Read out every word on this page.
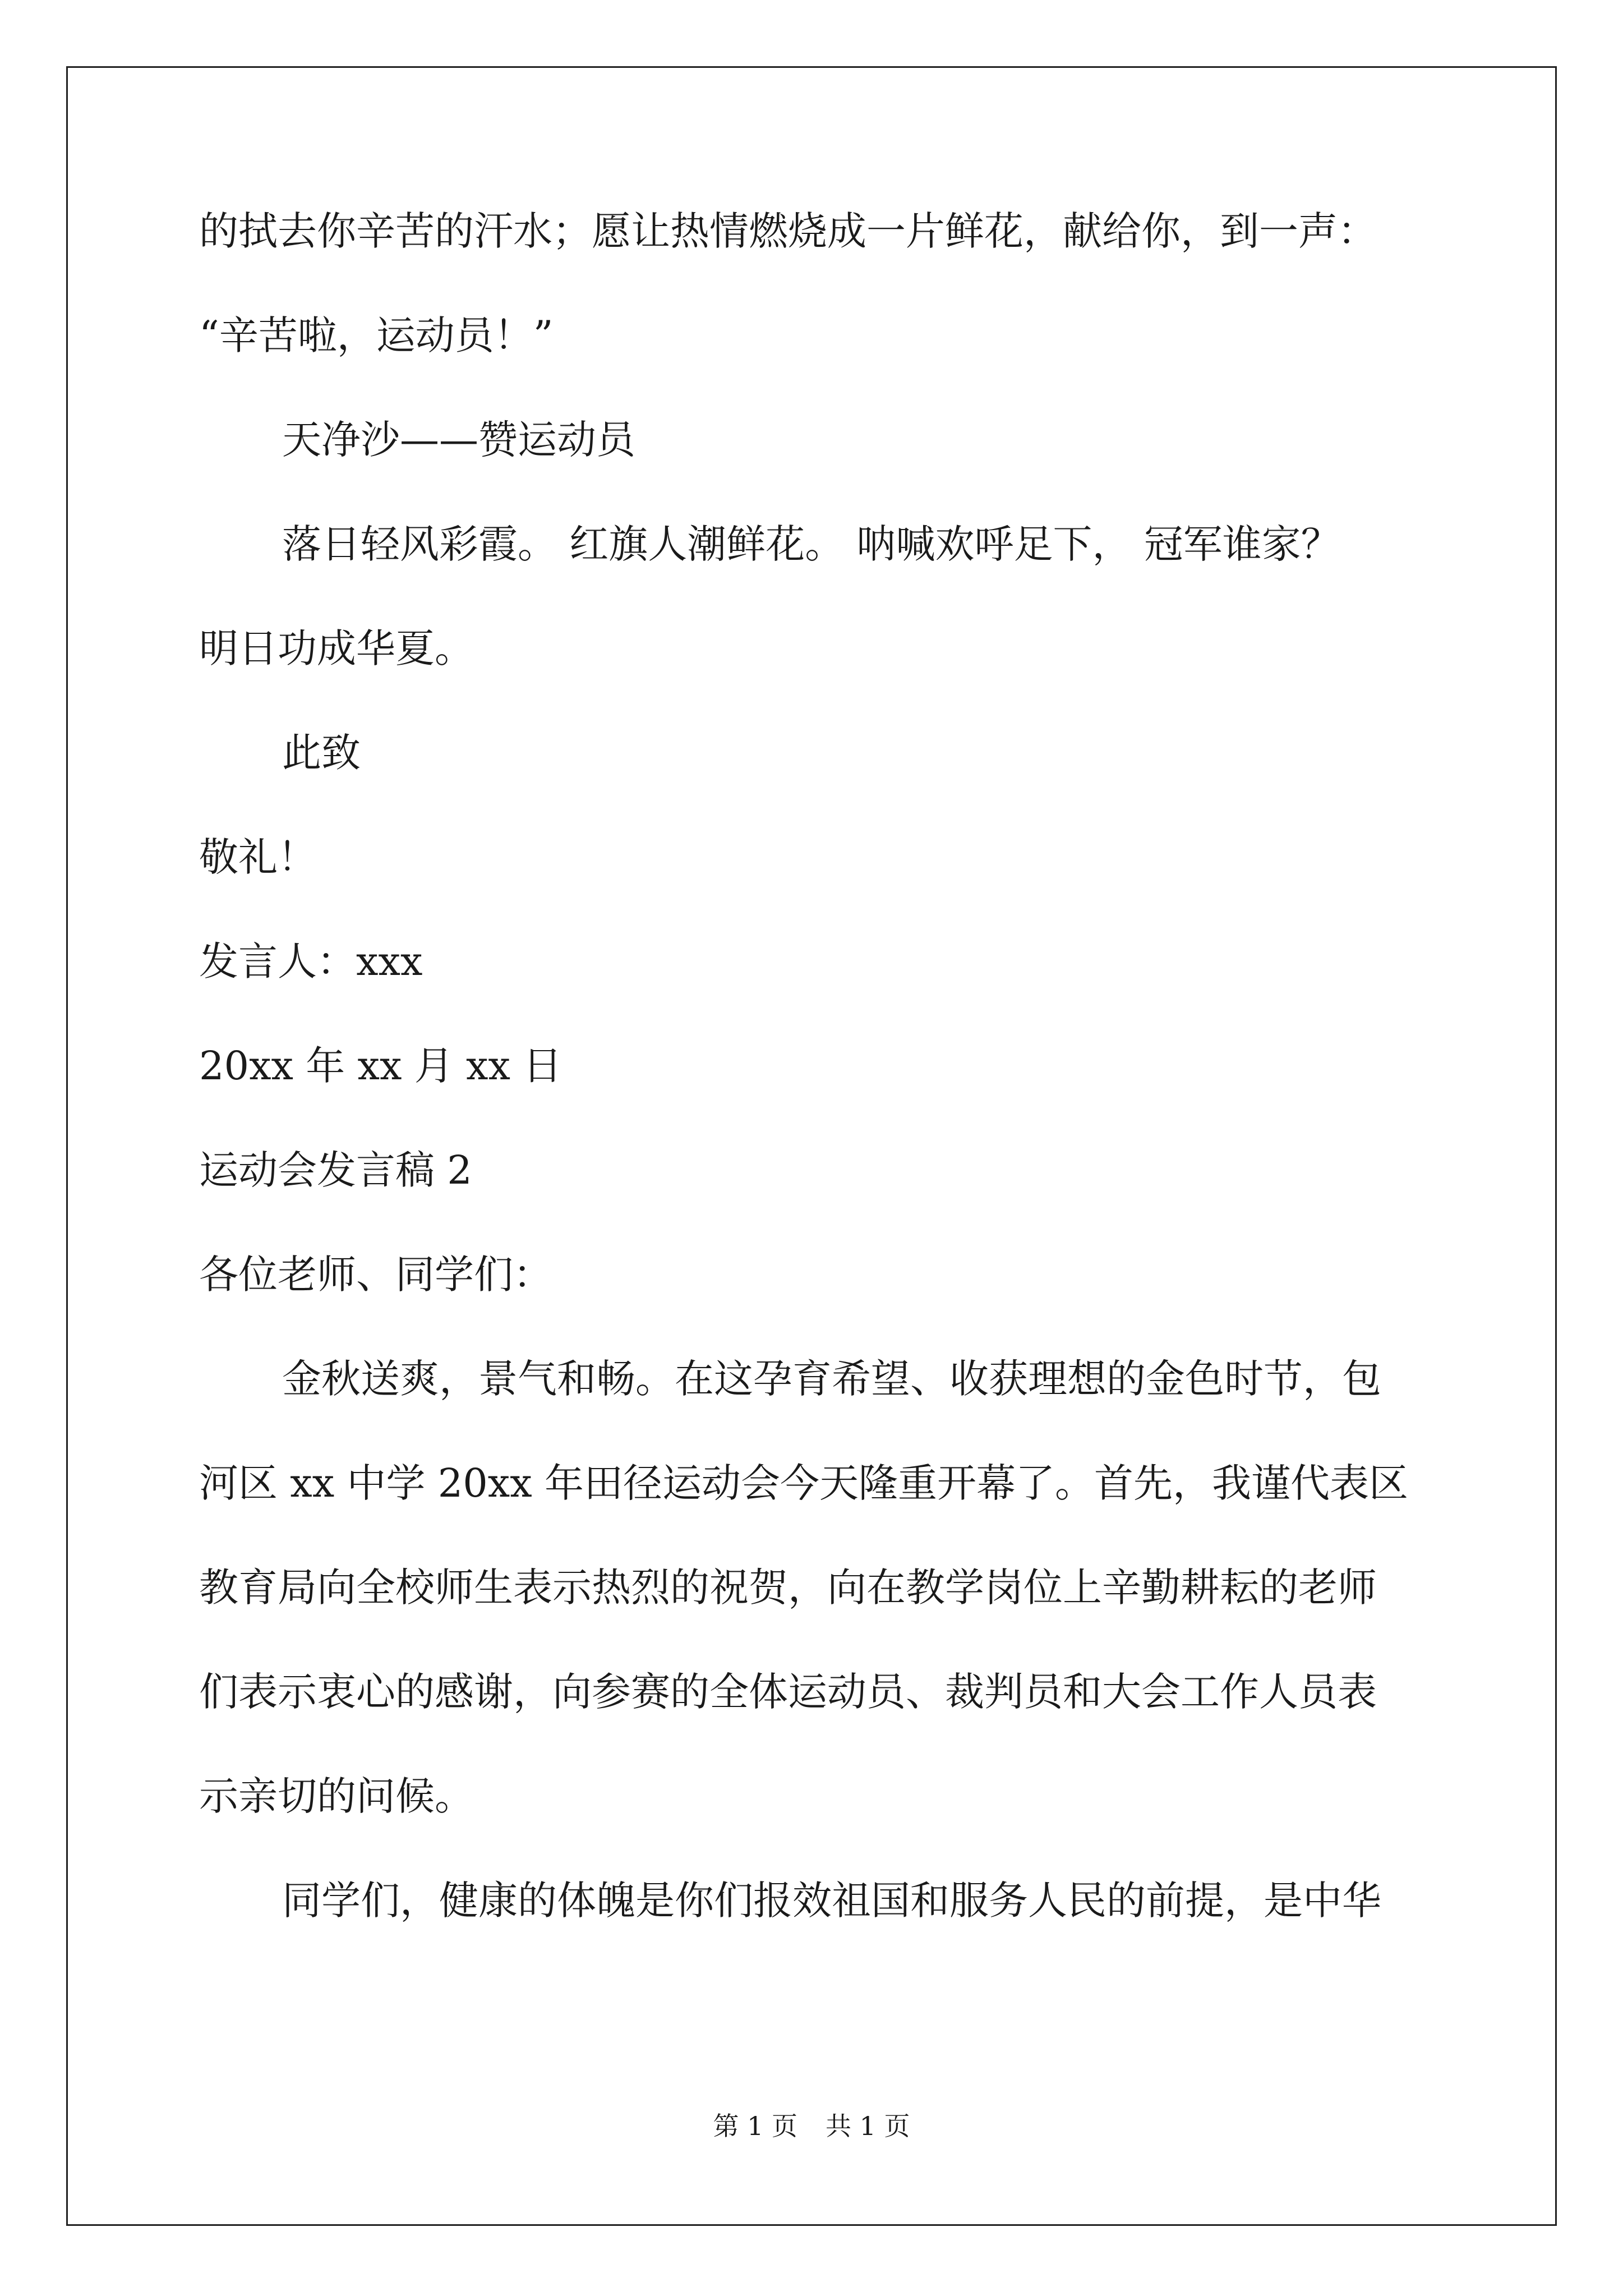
的拭去你辛苦的汗水；愿让热情燃烧成一片鲜花，献给你，到一声：

“辛苦啦，运动员！”

天净沙——赞运动员

落日轻风彩霞。 红旗人潮鲜花。 呐喊欢呼足下， 冠军谁家？

明日功成华夏。

此致

敬礼！

发言人：xxx

20xx 年 xx 月 xx 日

运动会发言稿 2

各位老师、同学们：

金秋送爽，景气和畅。在这孕育希望、收获理想的金色时节，包

河区 xx 中学 20xx 年田径运动会今天隆重开幕了。首先，我谨代表区

教育局向全校师生表示热烈的祝贺，向在教学岗位上辛勤耕耘的老师

们表示衷心的感谢，向参赛的全体运动员、裁判员和大会工作人员表

示亲切的问候。

同学们，健康的体魄是你们报效祖国和服务人民的前提，是中华

第 1 页 共 1 页
